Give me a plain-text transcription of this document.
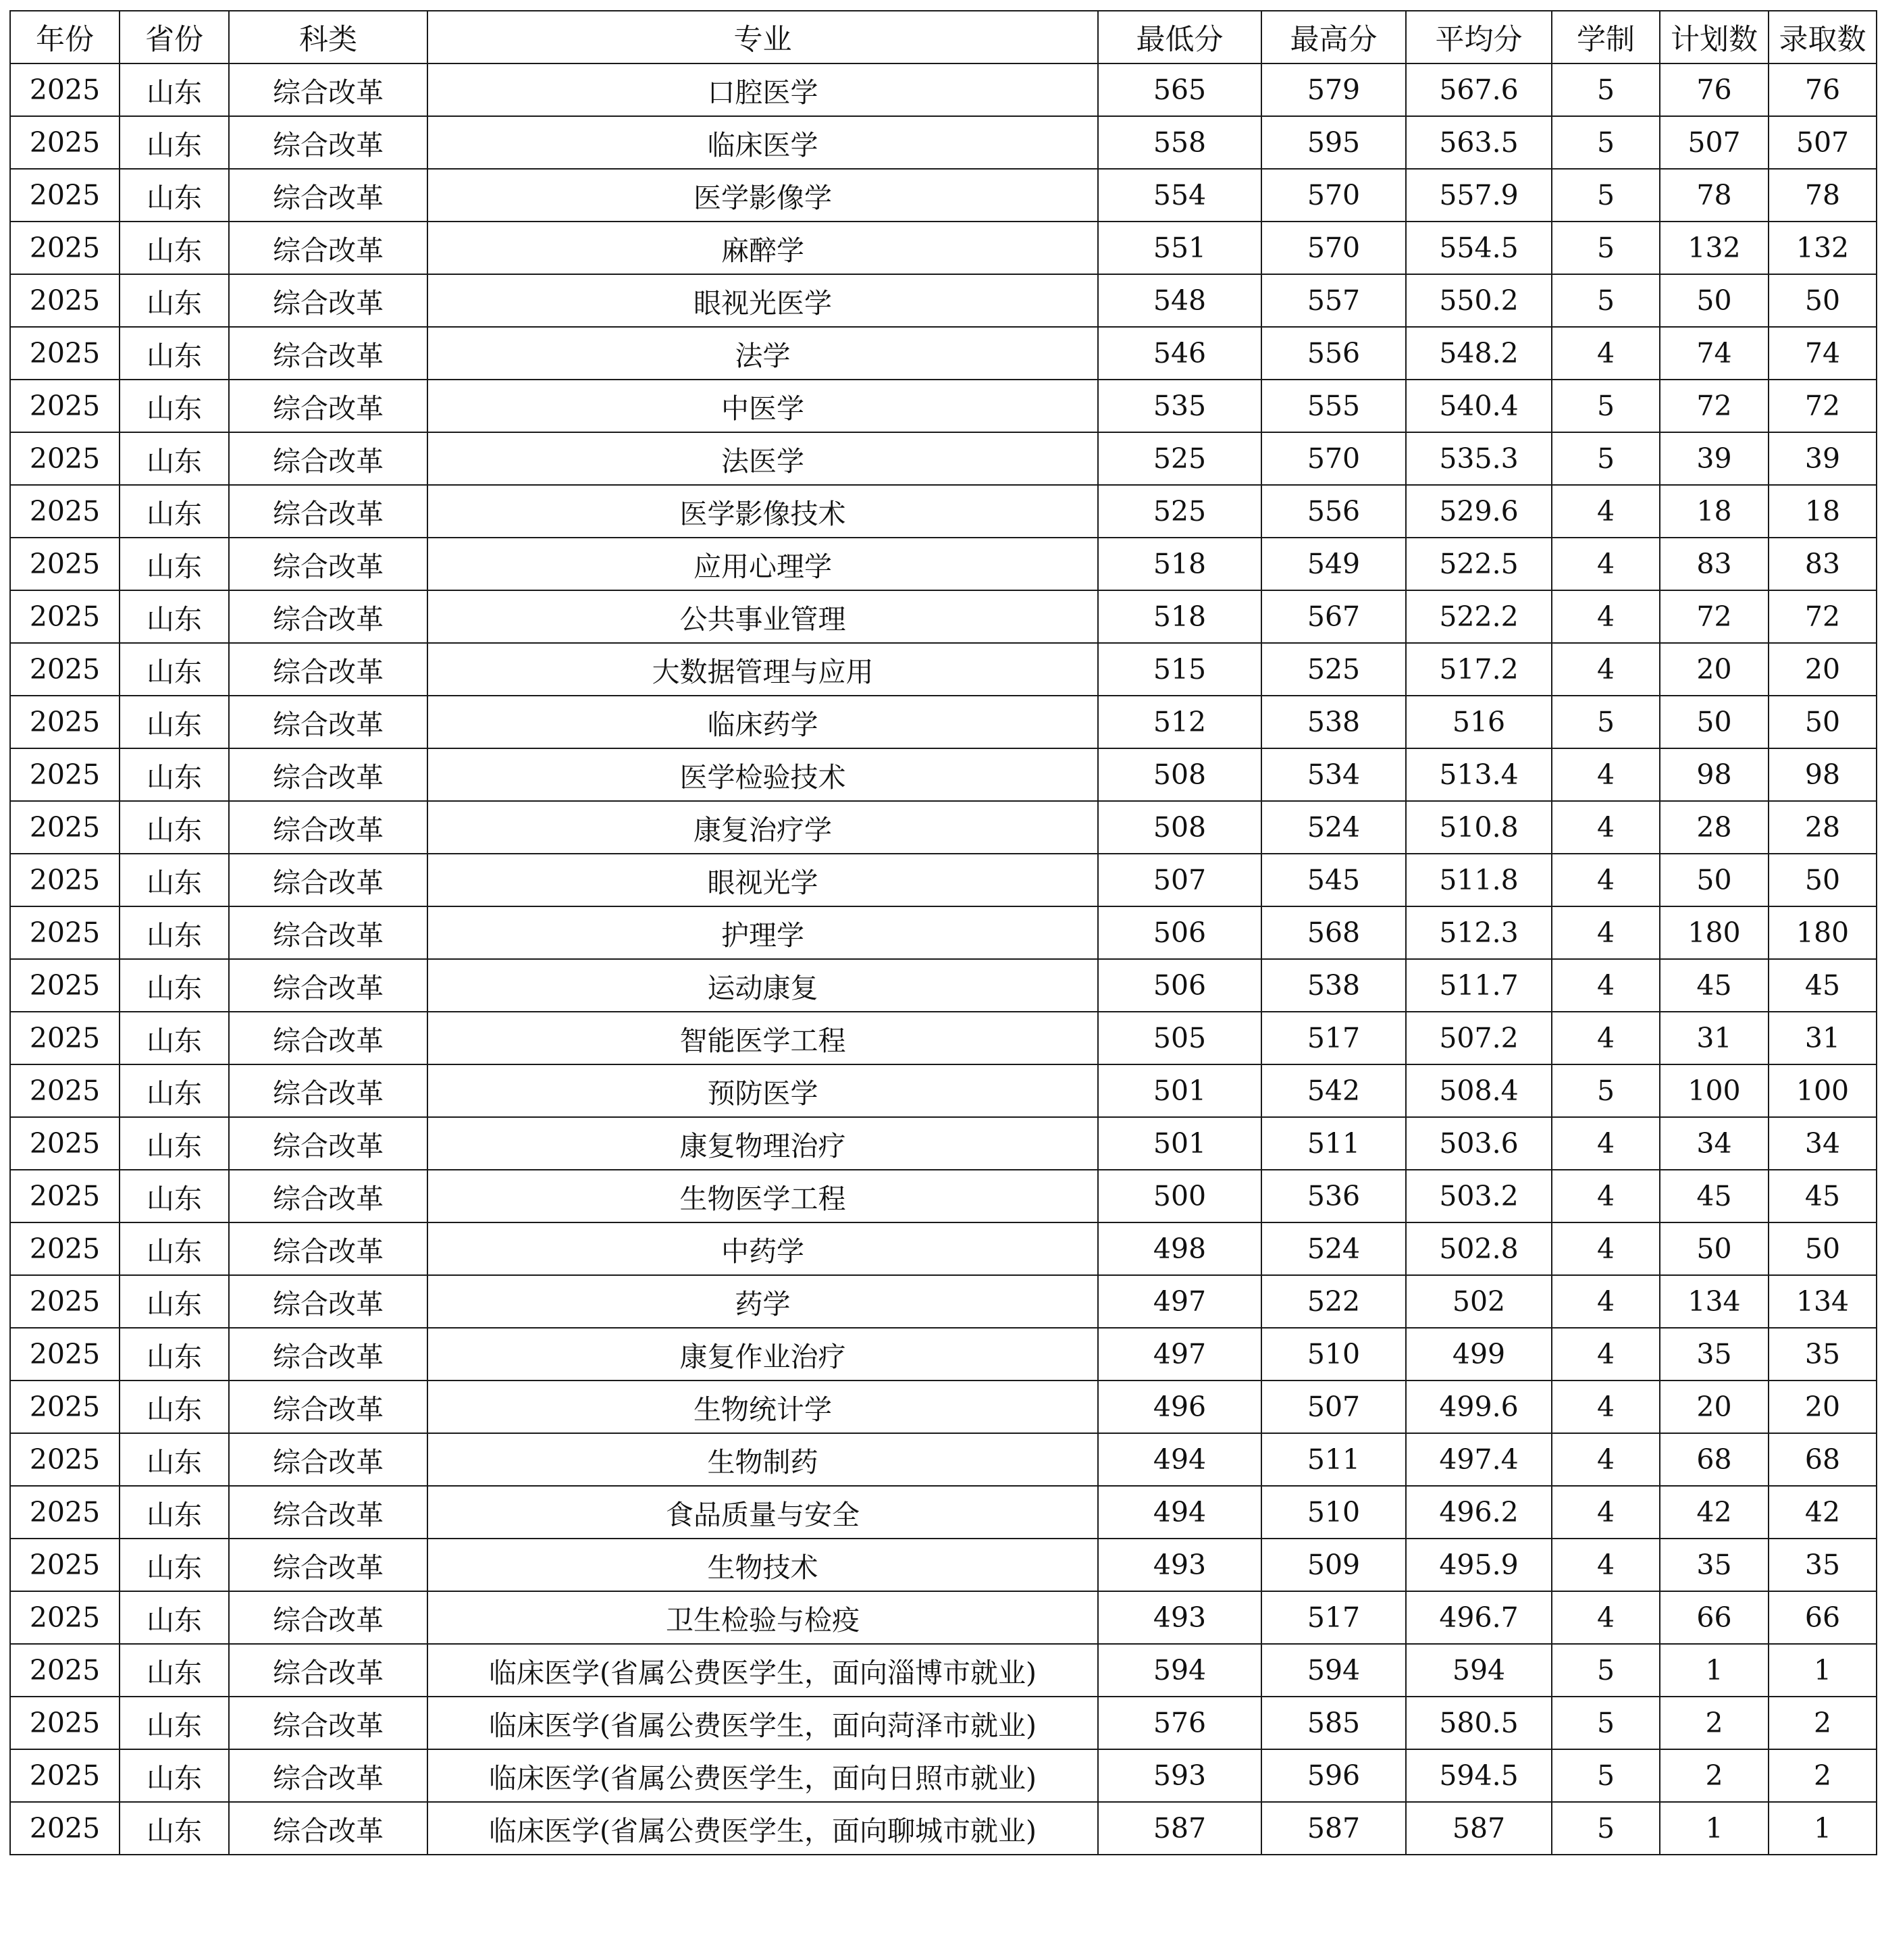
年份	省份	科类	专业	最低分	最高分	平均分	学制	计划数	录取数
2025	山东	综合改革	口腔医学	565	579	567.6	5	76	76
2025	山东	综合改革	临床医学	558	595	563.5	5	507	507
2025	山东	综合改革	医学影像学	554	570	557.9	5	78	78
2025	山东	综合改革	麻醉学	551	570	554.5	5	132	132
2025	山东	综合改革	眼视光医学	548	557	550.2	5	50	50
2025	山东	综合改革	法学	546	556	548.2	4	74	74
2025	山东	综合改革	中医学	535	555	540.4	5	72	72
2025	山东	综合改革	法医学	525	570	535.3	5	39	39
2025	山东	综合改革	医学影像技术	525	556	529.6	4	18	18
2025	山东	综合改革	应用心理学	518	549	522.5	4	83	83
2025	山东	综合改革	公共事业管理	518	567	522.2	4	72	72
2025	山东	综合改革	大数据管理与应用	515	525	517.2	4	20	20
2025	山东	综合改革	临床药学	512	538	516	5	50	50
2025	山东	综合改革	医学检验技术	508	534	513.4	4	98	98
2025	山东	综合改革	康复治疗学	508	524	510.8	4	28	28
2025	山东	综合改革	眼视光学	507	545	511.8	4	50	50
2025	山东	综合改革	护理学	506	568	512.3	4	180	180
2025	山东	综合改革	运动康复	506	538	511.7	4	45	45
2025	山东	综合改革	智能医学工程	505	517	507.2	4	31	31
2025	山东	综合改革	预防医学	501	542	508.4	5	100	100
2025	山东	综合改革	康复物理治疗	501	511	503.6	4	34	34
2025	山东	综合改革	生物医学工程	500	536	503.2	4	45	45
2025	山东	综合改革	中药学	498	524	502.8	4	50	50
2025	山东	综合改革	药学	497	522	502	4	134	134
2025	山东	综合改革	康复作业治疗	497	510	499	4	35	35
2025	山东	综合改革	生物统计学	496	507	499.6	4	20	20
2025	山东	综合改革	生物制药	494	511	497.4	4	68	68
2025	山东	综合改革	食品质量与安全	494	510	496.2	4	42	42
2025	山东	综合改革	生物技术	493	509	495.9	4	35	35
2025	山东	综合改革	卫生检验与检疫	493	517	496.7	4	66	66
2025	山东	综合改革	临床医学(省属公费医学生，面向淄博市就业)	594	594	594	5	1	1
2025	山东	综合改革	临床医学(省属公费医学生，面向菏泽市就业)	576	585	580.5	5	2	2
2025	山东	综合改革	临床医学(省属公费医学生，面向日照市就业)	593	596	594.5	5	2	2
2025	山东	综合改革	临床医学(省属公费医学生，面向聊城市就业)	587	587	587	5	1	1
